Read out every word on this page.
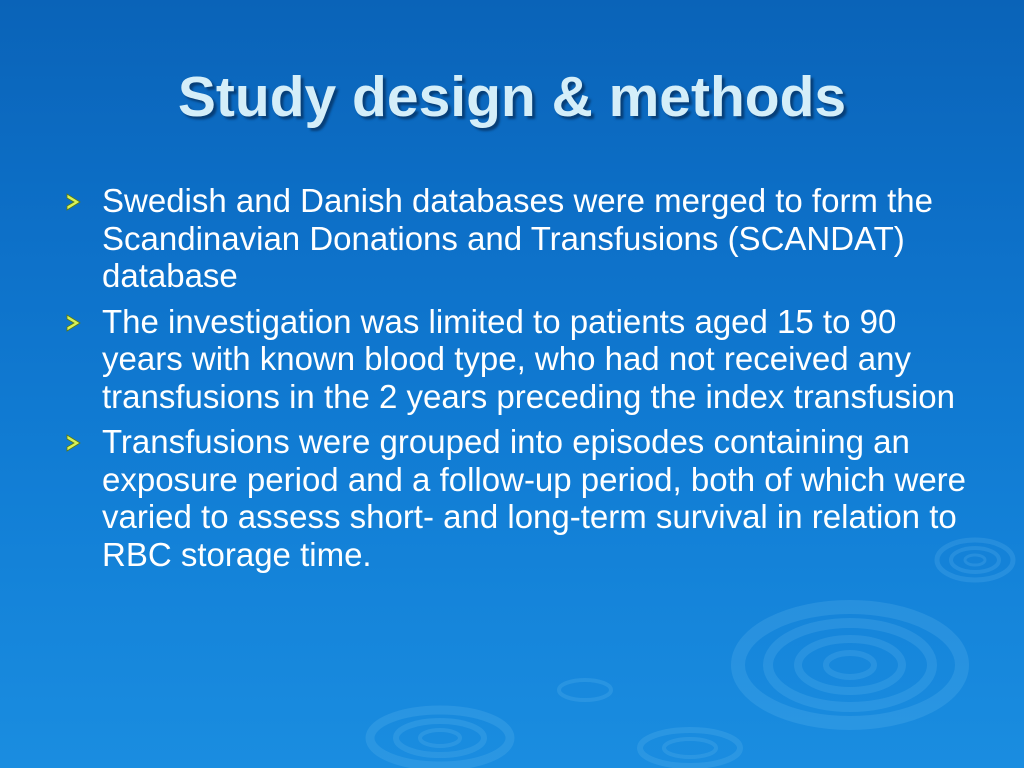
Study design & methods
Swedish and Danish databases were merged to form the Scandinavian Donations and Transfusions (SCANDAT) database
The investigation was limited to patients aged 15 to 90 years with known blood type, who had not received any transfusions in the 2 years preceding the index transfusion
Transfusions were grouped into episodes containing an exposure period and a follow-up period, both of which were varied to assess short- and long-term survival in relation to RBC storage time.
